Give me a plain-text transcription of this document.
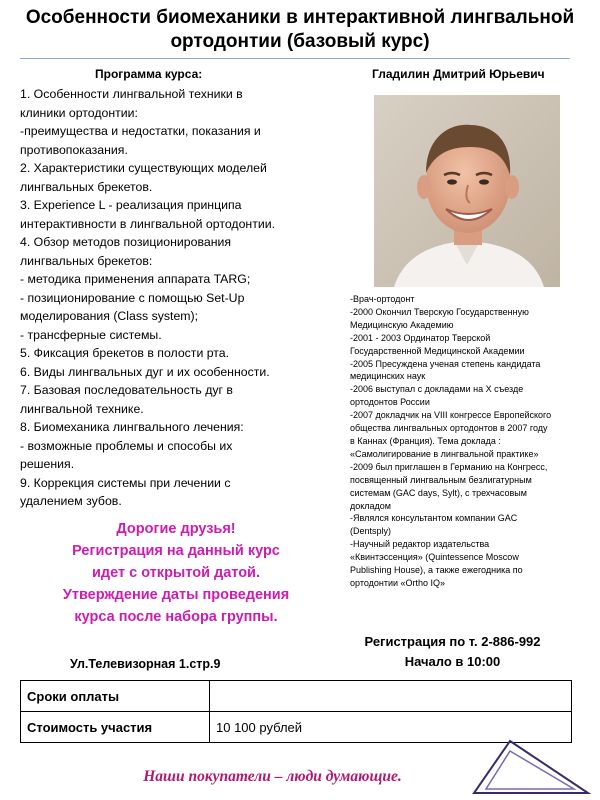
Особенности биомеханики в интерактивной лингвальной
ортодонтии (базовый курс)
Программа курса:	Гладилин Дмитрий Юрьевич
1. Особенности лингвальной техники в
клиники ортодонтии:
-преимущества и недостатки, показания и
противопоказания.
2. Характеристики существующих моделей
лингвальных брекетов.
3. Experience L - реализация принципа
интерактивности в лингвальной ортодонтии.
4. Обзор методов позиционирования
лингвальных брекетов:
- методика применения аппарата TARG;
- позиционирование с помощью Set-Up
моделирования (Class system);
- трансферные системы.
5. Фиксация брекетов в полости рта.
6. Виды лингвальных дуг и их особенности.
7. Базовая последовательность дуг в
лингвальной технике.
8. Биомеханика лингвального лечения:
- возможные проблемы и способы их
решения.
9. Коррекция системы при лечении с
удалением зубов.
-Врач-ортодонт
-2000 Окончил Тверскую Государственную
Медицинскую Академию
-2001 - 2003 Ординатор Тверской
Государственной Медицинской Академии
-2005 Пресуждена ученая степень кандидата
медицинских наук
-2006 выступал с докладами на X съезде
ортодонтов России
-2007 докладчик на VIII конгрессе Европейского
общества лингвальных ортодонтов в 2007 году
в Каннах (Франция). Тема доклада :
«Самолигирование в лингвальной практике»
-2009 был приглашен в Германию на Конгресс,
посвященный лингвальным безлигатурным
системам (GAC days, Sylt), с трехчасовым
докладом
-Являлся консультантом компании GAC
(Dentsply)
-Научный редактор издательства
«Квинтэссенция» (Quintessence Moscow
Publishing House), а также ежегодника по
ортодонтии «Ortho IQ»
Дорогие друзья!
Регистрация на данный курс
идет с открытой датой.
Утверждение даты проведения
курса после набора группы.
Регистрация по т. 2-886-992
Начало в 10:00
Ул.Телевизорная 1.стр.9
Сроки оплаты	
Стоимость участия	10 100 рублей
Наши покупатели – люди думающие.
